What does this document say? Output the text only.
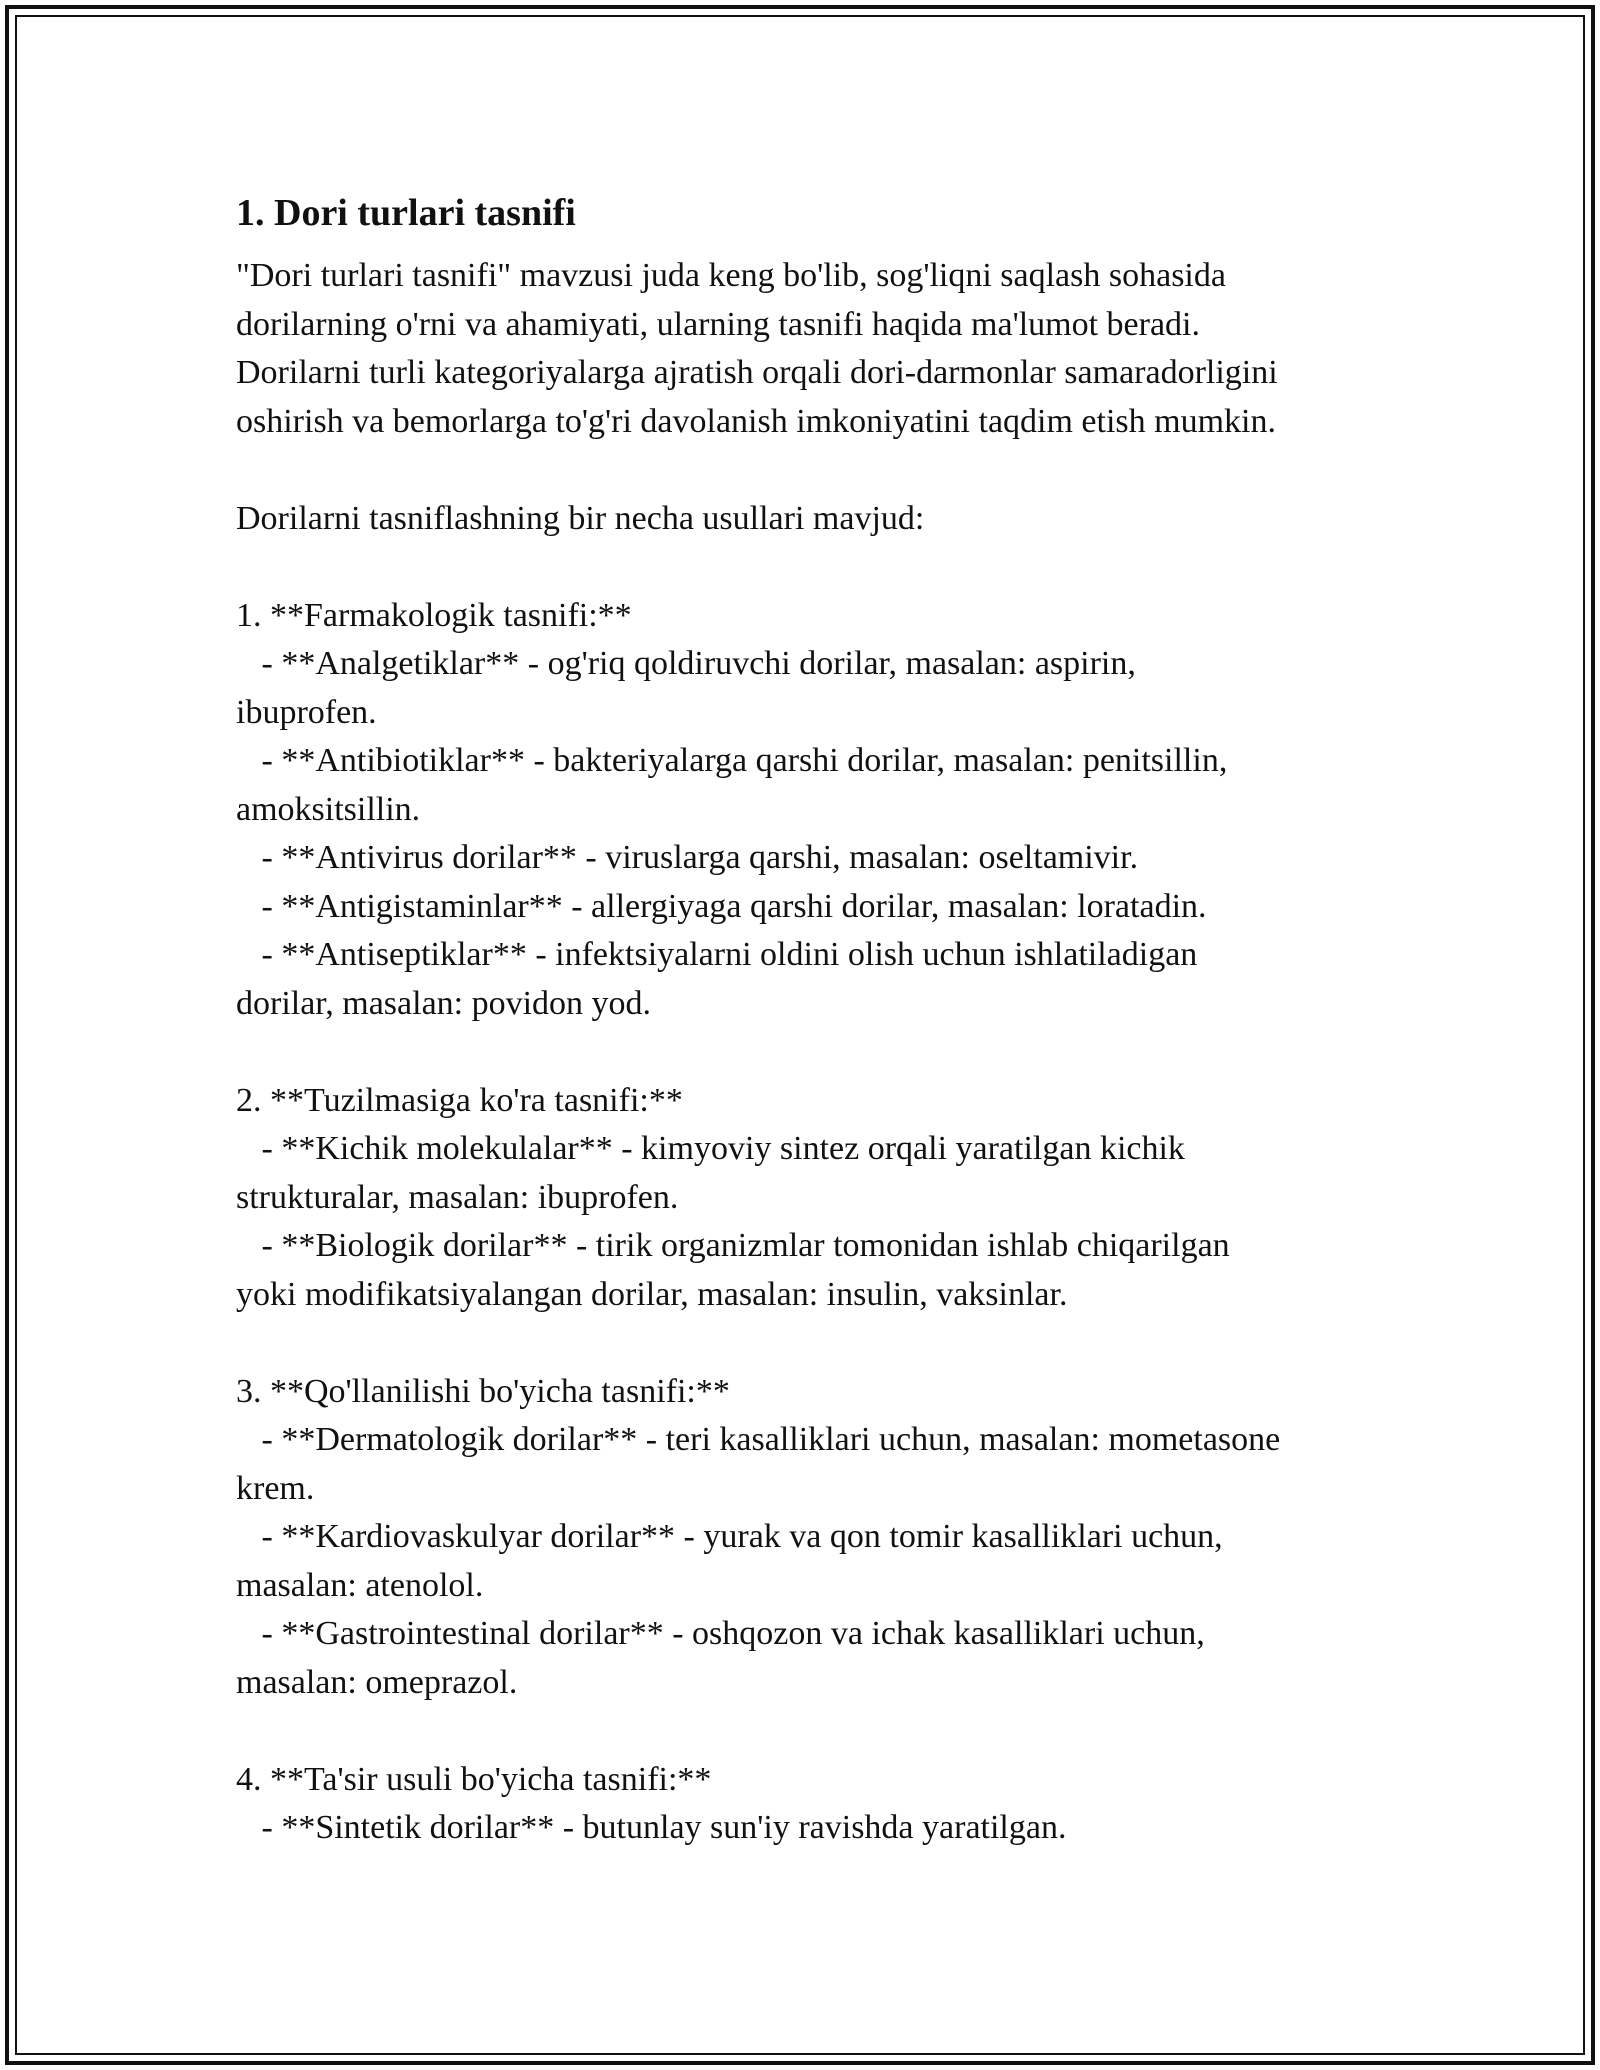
1. Dori turlari tasnifi

"Dori turlari tasnifi" mavzusi juda keng bo'lib, sog'liqni saqlash sohasida

dorilarning o'rni va ahamiyati, ularning tasnifi haqida ma'lumot beradi.

Dorilarni turli kategoriyalarga ajratish orqali dori-darmonlar samaradorligini

oshirish va bemorlarga to'g'ri davolanish imkoniyatini taqdim etish mumkin.

Dorilarni tasniflashning bir necha usullari mavjud:

1. **Farmakologik tasnifi:**

- **Analgetiklar** - og'riq qoldiruvchi dorilar, masalan: aspirin,

ibuprofen.

- **Antibiotiklar** - bakteriyalarga qarshi dorilar, masalan: penitsillin,

amoksitsillin.

- **Antivirus dorilar** - viruslarga qarshi, masalan: oseltamivir.

- **Antigistaminlar** - allergiyaga qarshi dorilar, masalan: loratadin.

- **Antiseptiklar** - infektsiyalarni oldini olish uchun ishlatiladigan

dorilar, masalan: povidon yod.

2. **Tuzilmasiga ko'ra tasnifi:**

- **Kichik molekulalar** - kimyoviy sintez orqali yaratilgan kichik

strukturalar, masalan: ibuprofen.

- **Biologik dorilar** - tirik organizmlar tomonidan ishlab chiqarilgan

yoki modifikatsiyalangan dorilar, masalan: insulin, vaksinlar.

3. **Qo'llanilishi bo'yicha tasnifi:**

- **Dermatologik dorilar** - teri kasalliklari uchun, masalan: mometasone

krem.

- **Kardiovaskulyar dorilar** - yurak va qon tomir kasalliklari uchun,

masalan: atenolol.

- **Gastrointestinal dorilar** - oshqozon va ichak kasalliklari uchun,

masalan: omeprazol.

4. **Ta'sir usuli bo'yicha tasnifi:**

- **Sintetik dorilar** - butunlay sun'iy ravishda yaratilgan.
